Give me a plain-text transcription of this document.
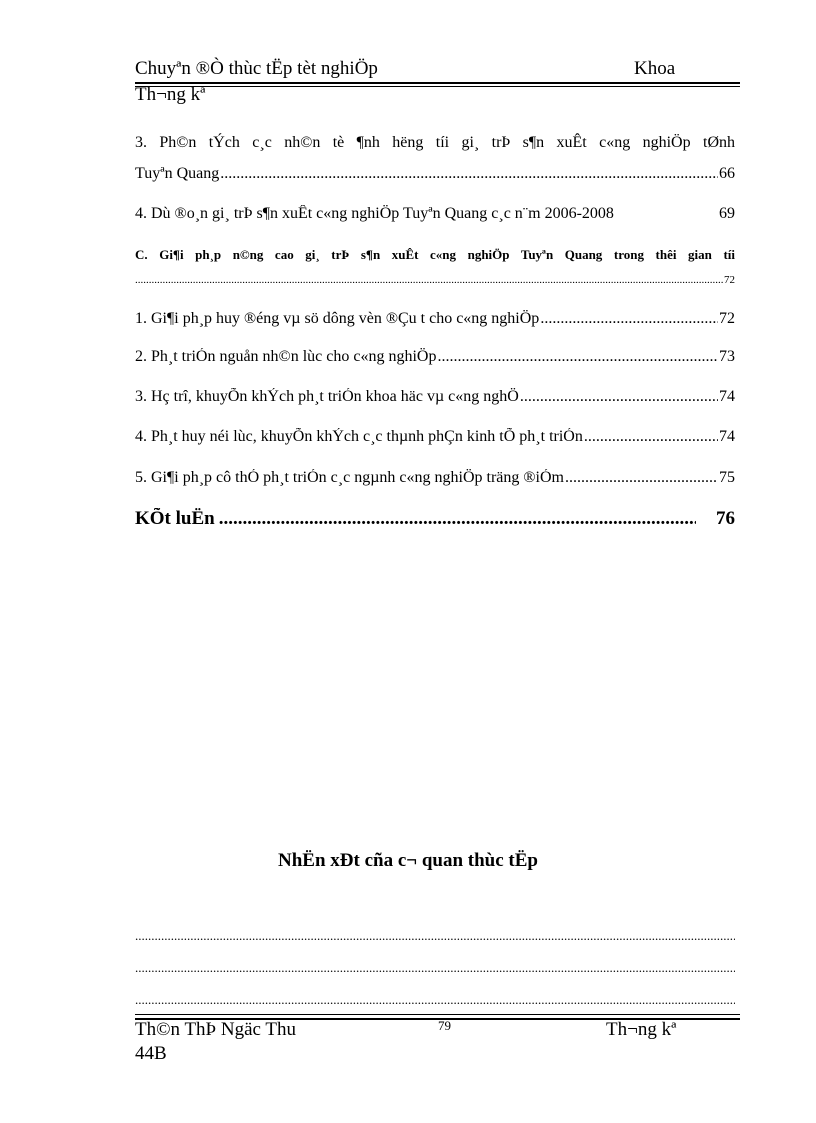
Chuyªn ®Ò thùc tËp tèt nghiÖp	Khoa
Th¬ng kª
3. Ph©n tÝch c¸c nh©n tè ¶nh hëng tíi gi¸ trÞ s¶n xuÊt c«ng nghiÖp tØnh
Tuyªn Quang .....	66
4. Dù ®o¸n gi¸ trÞ s¶n xuÊt c«ng nghiÖp Tuyªn Quang c¸c n¨m 2006-2008	69
C. Gi¶i ph¸p n©ng cao gi¸ trÞ s¶n xuÊt c«ng nghiÖp Tuyªn Quang trong thêi gian tíi
.....
72
1. Gi¶i ph¸p huy ®éng vµ sö dông vèn ®Çu t cho c«ng nghiÖp .....	72
2. Ph¸t triÓn nguån nh©n lùc cho c«ng nghiÖp .....	73
3. Hç trî, khuyÕn khÝch ph¸t triÓn khoa häc vµ c«ng nghÖ .....	74
4. Ph¸t huy néi lùc, khuyÕn khÝch c¸c thµnh phÇn kinh tÕ ph¸t triÓn .....	74
5. Gi¶i ph¸p cô thÓ ph¸t triÓn c¸c ngµnh c«ng nghiÖp träng ®iÓm .....	75
KÕt luËn .....	76
NhËn xÐt cña c¬ quan thùc tËp
.....
.....
.....
Th©n ThÞ Ngäc Thu
44B
79	Th¬ng kª
